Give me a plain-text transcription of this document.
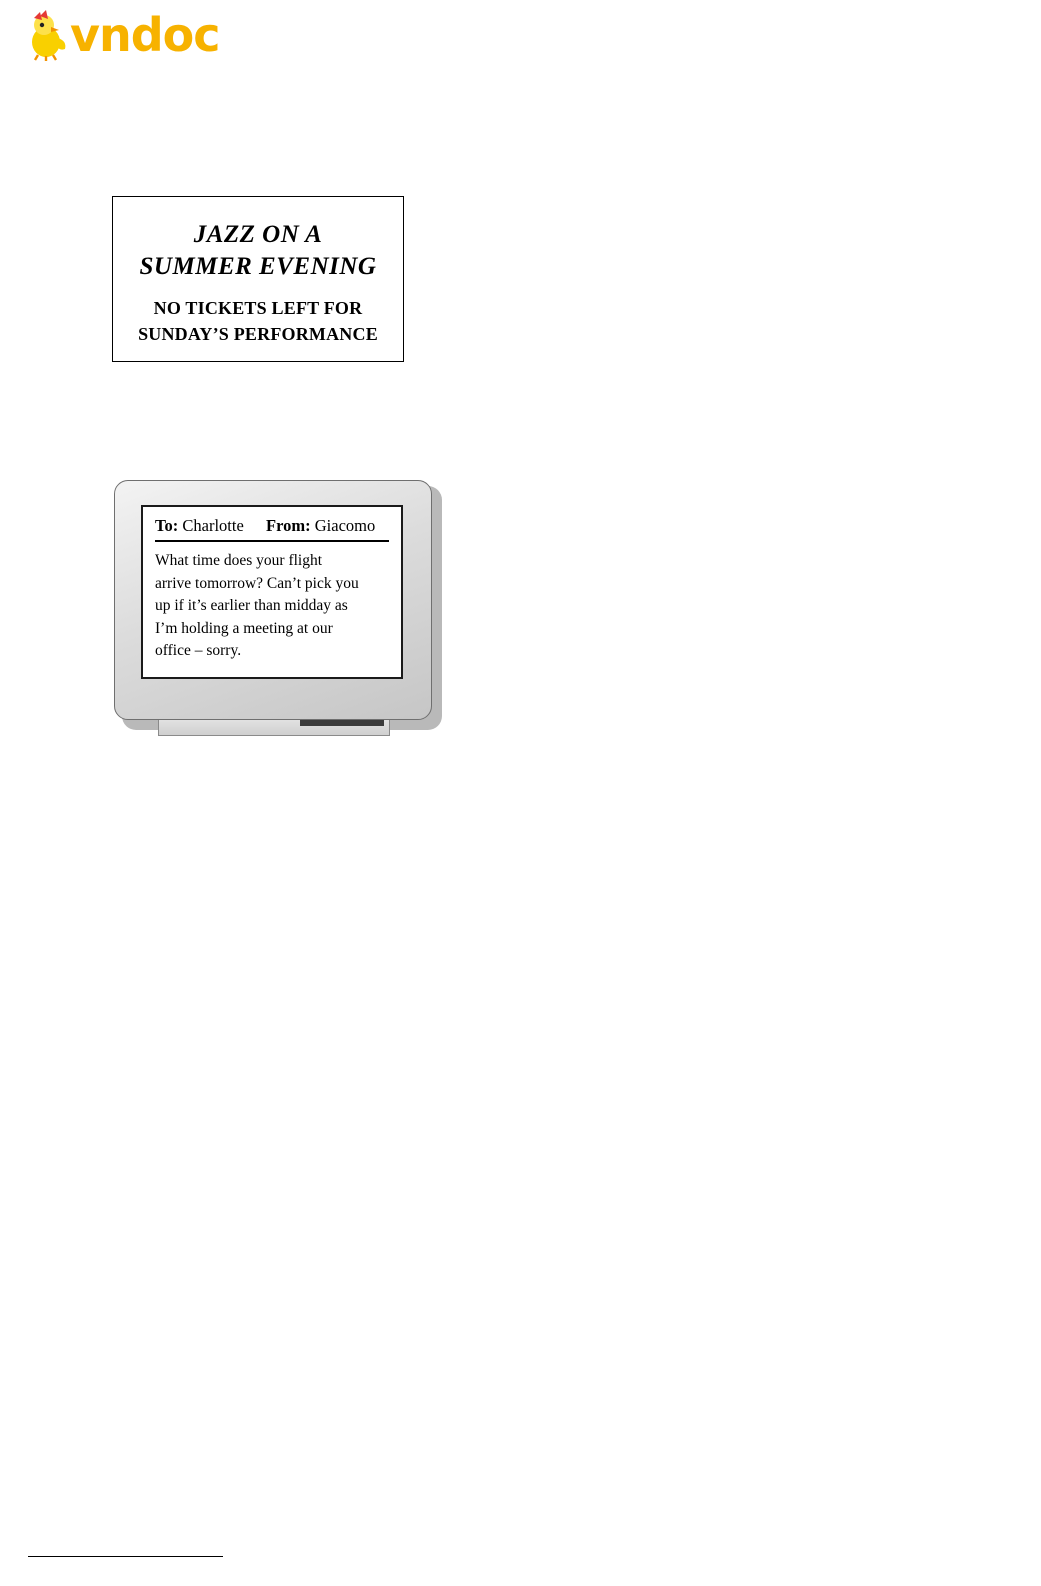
vndoc
JAZZ ON A
SUMMER EVENING
NO TICKETS LEFT FOR
SUNDAY’S PERFORMANCE
To: Charlotte From: Giacomo
What time does your flight
arrive tomorrow? Can’t pick you
up if it’s earlier than midday as
I’m holding a meeting at our
office – sorry.
